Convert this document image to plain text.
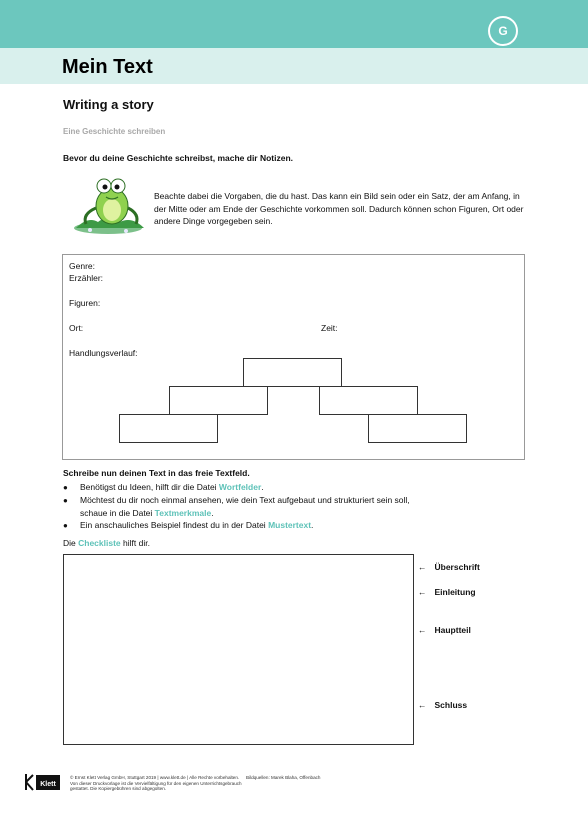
G
Mein Text
Writing a story
Eine Geschichte schreiben
Bevor du deine Geschichte schreibst, mache dir Notizen.
Beachte dabei die Vorgaben, die du hast. Das kann ein Bild sein oder ein Satz, der am Anfang, in der Mitte oder am Ende der Geschichte vorkommen soll. Dadurch können schon Figuren, Ort oder andere Dinge vorgegeben sein.
Genre:
Erzähler:
Figuren:
Ort:	Zeit:
Handlungsverlauf:
Schreibe nun deinen Text in das freie Textfeld.
● Benötigst du Ideen, hilft dir die Datei Wortfelder.
● Möchtest du dir noch einmal ansehen, wie dein Text aufgebaut und strukturiert sein soll,
schaue in die Datei Textmerkmale.
● Ein anschauliches Beispiel findest du in der Datei Mustertext.
Die Checkliste hilft dir.
← Überschrift
← Einleitung
← Hauptteil
← Schluss
Klett
© Ernst Klett Verlag GmbH, Stuttgart 2019 | www.klett.de | Alle Rechte vorbehalten. Von dieser Druckvorlage ist die Vervielfältigung für den eigenen Unterrichtsgebrauch gestattet. Die Kopiergebühren sind abgegolten.
Bildquellen: Marek Blaha, Offenbach
